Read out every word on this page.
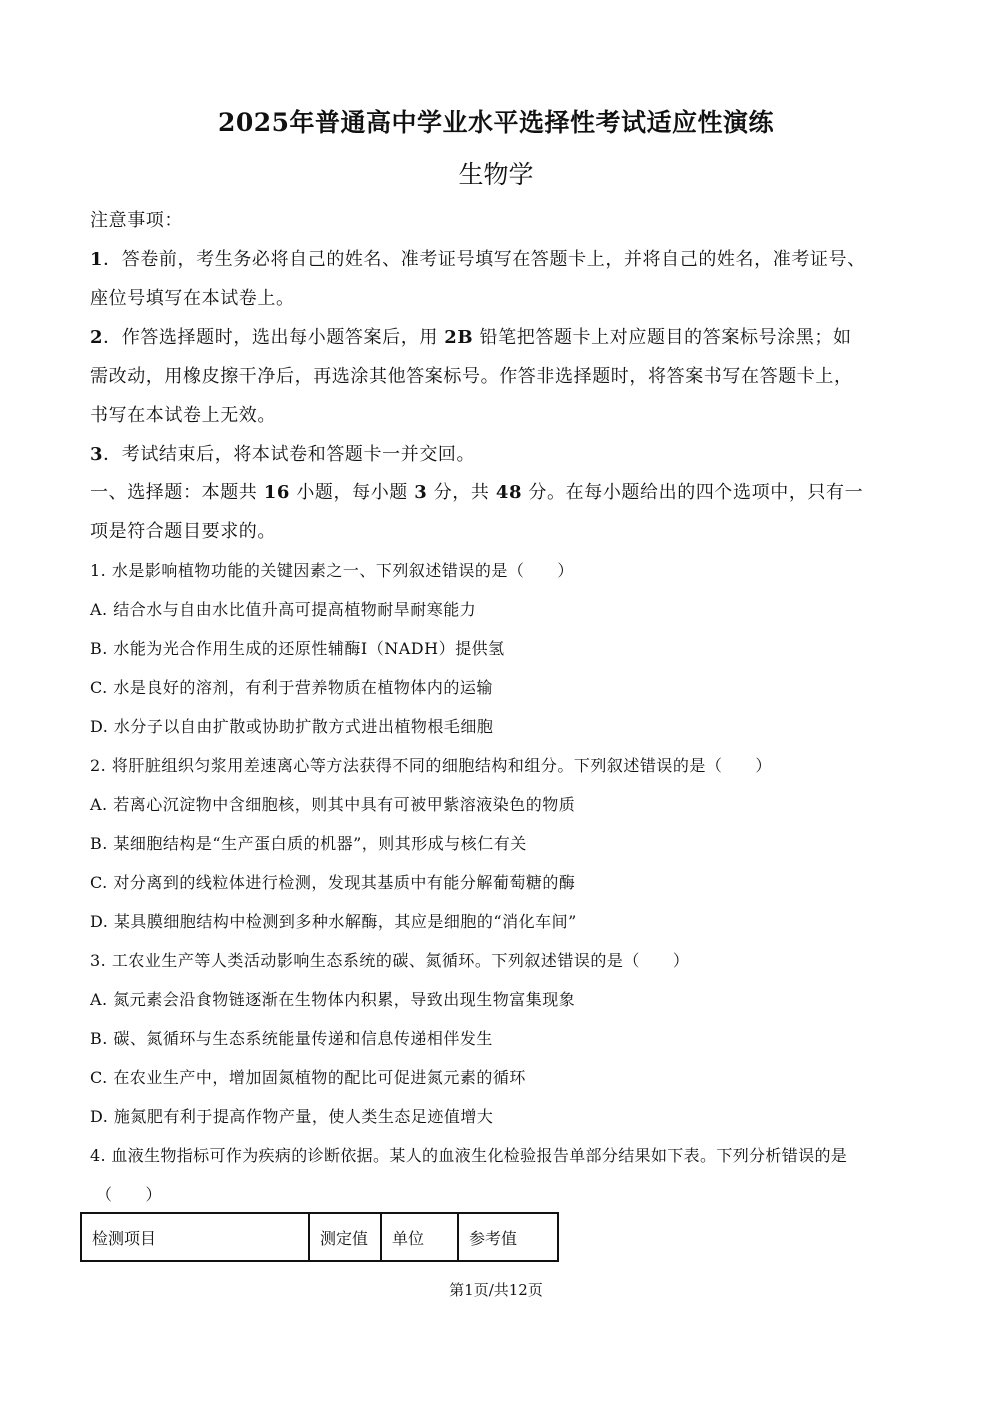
2025年普通高中学业水平选择性考试适应性演练
生物学
注意事项：
1．答卷前，考生务必将自己的姓名、准考证号填写在答题卡上，并将自己的姓名，准考证号、
座位号填写在本试卷上。
2．作答选择题时，选出每小题答案后，用 2B 铅笔把答题卡上对应题目的答案标号涂黑；如
需改动，用橡皮擦干净后，再选涂其他答案标号。作答非选择题时，将答案书写在答题卡上，
书写在本试卷上无效。
3．考试结束后，将本试卷和答题卡一并交回。
一、选择题：本题共 16 小题，每小题 3 分，共 48 分。在每小题给出的四个选项中，只有一
项是符合题目要求的。
1. 水是影响植物功能的关键因素之一、下列叙述错误的是（　　）
A. 结合水与自由水比值升高可提高植物耐旱耐寒能力
B. 水能为光合作用生成的还原性辅酶I（NADH）提供氢
C. 水是良好的溶剂，有利于营养物质在植物体内的运输
D. 水分子以自由扩散或协助扩散方式进出植物根毛细胞
2. 将肝脏组织匀浆用差速离心等方法获得不同的细胞结构和组分。下列叙述错误的是（　　）
A. 若离心沉淀物中含细胞核，则其中具有可被甲紫溶液染色的物质
B. 某细胞结构是“生产蛋白质的机器”，则其形成与核仁有关
C. 对分离到的线粒体进行检测，发现其基质中有能分解葡萄糖的酶
D. 某具膜细胞结构中检测到多种水解酶，其应是细胞的“消化车间”
3. 工农业生产等人类活动影响生态系统的碳、氮循环。下列叙述错误的是（　　）
A. 氮元素会沿食物链逐渐在生物体内积累，导致出现生物富集现象
B. 碳、氮循环与生态系统能量传递和信息传递相伴发生
C. 在农业生产中，增加固氮植物的配比可促进氮元素的循环
D. 施氮肥有利于提高作物产量，使人类生态足迹值增大
4. 血液生物指标可作为疾病的诊断依据。某人的血液生化检验报告单部分结果如下表。下列分析错误的是
（　　）
检测项目	测定值	单位	参考值
第1页/共12页
